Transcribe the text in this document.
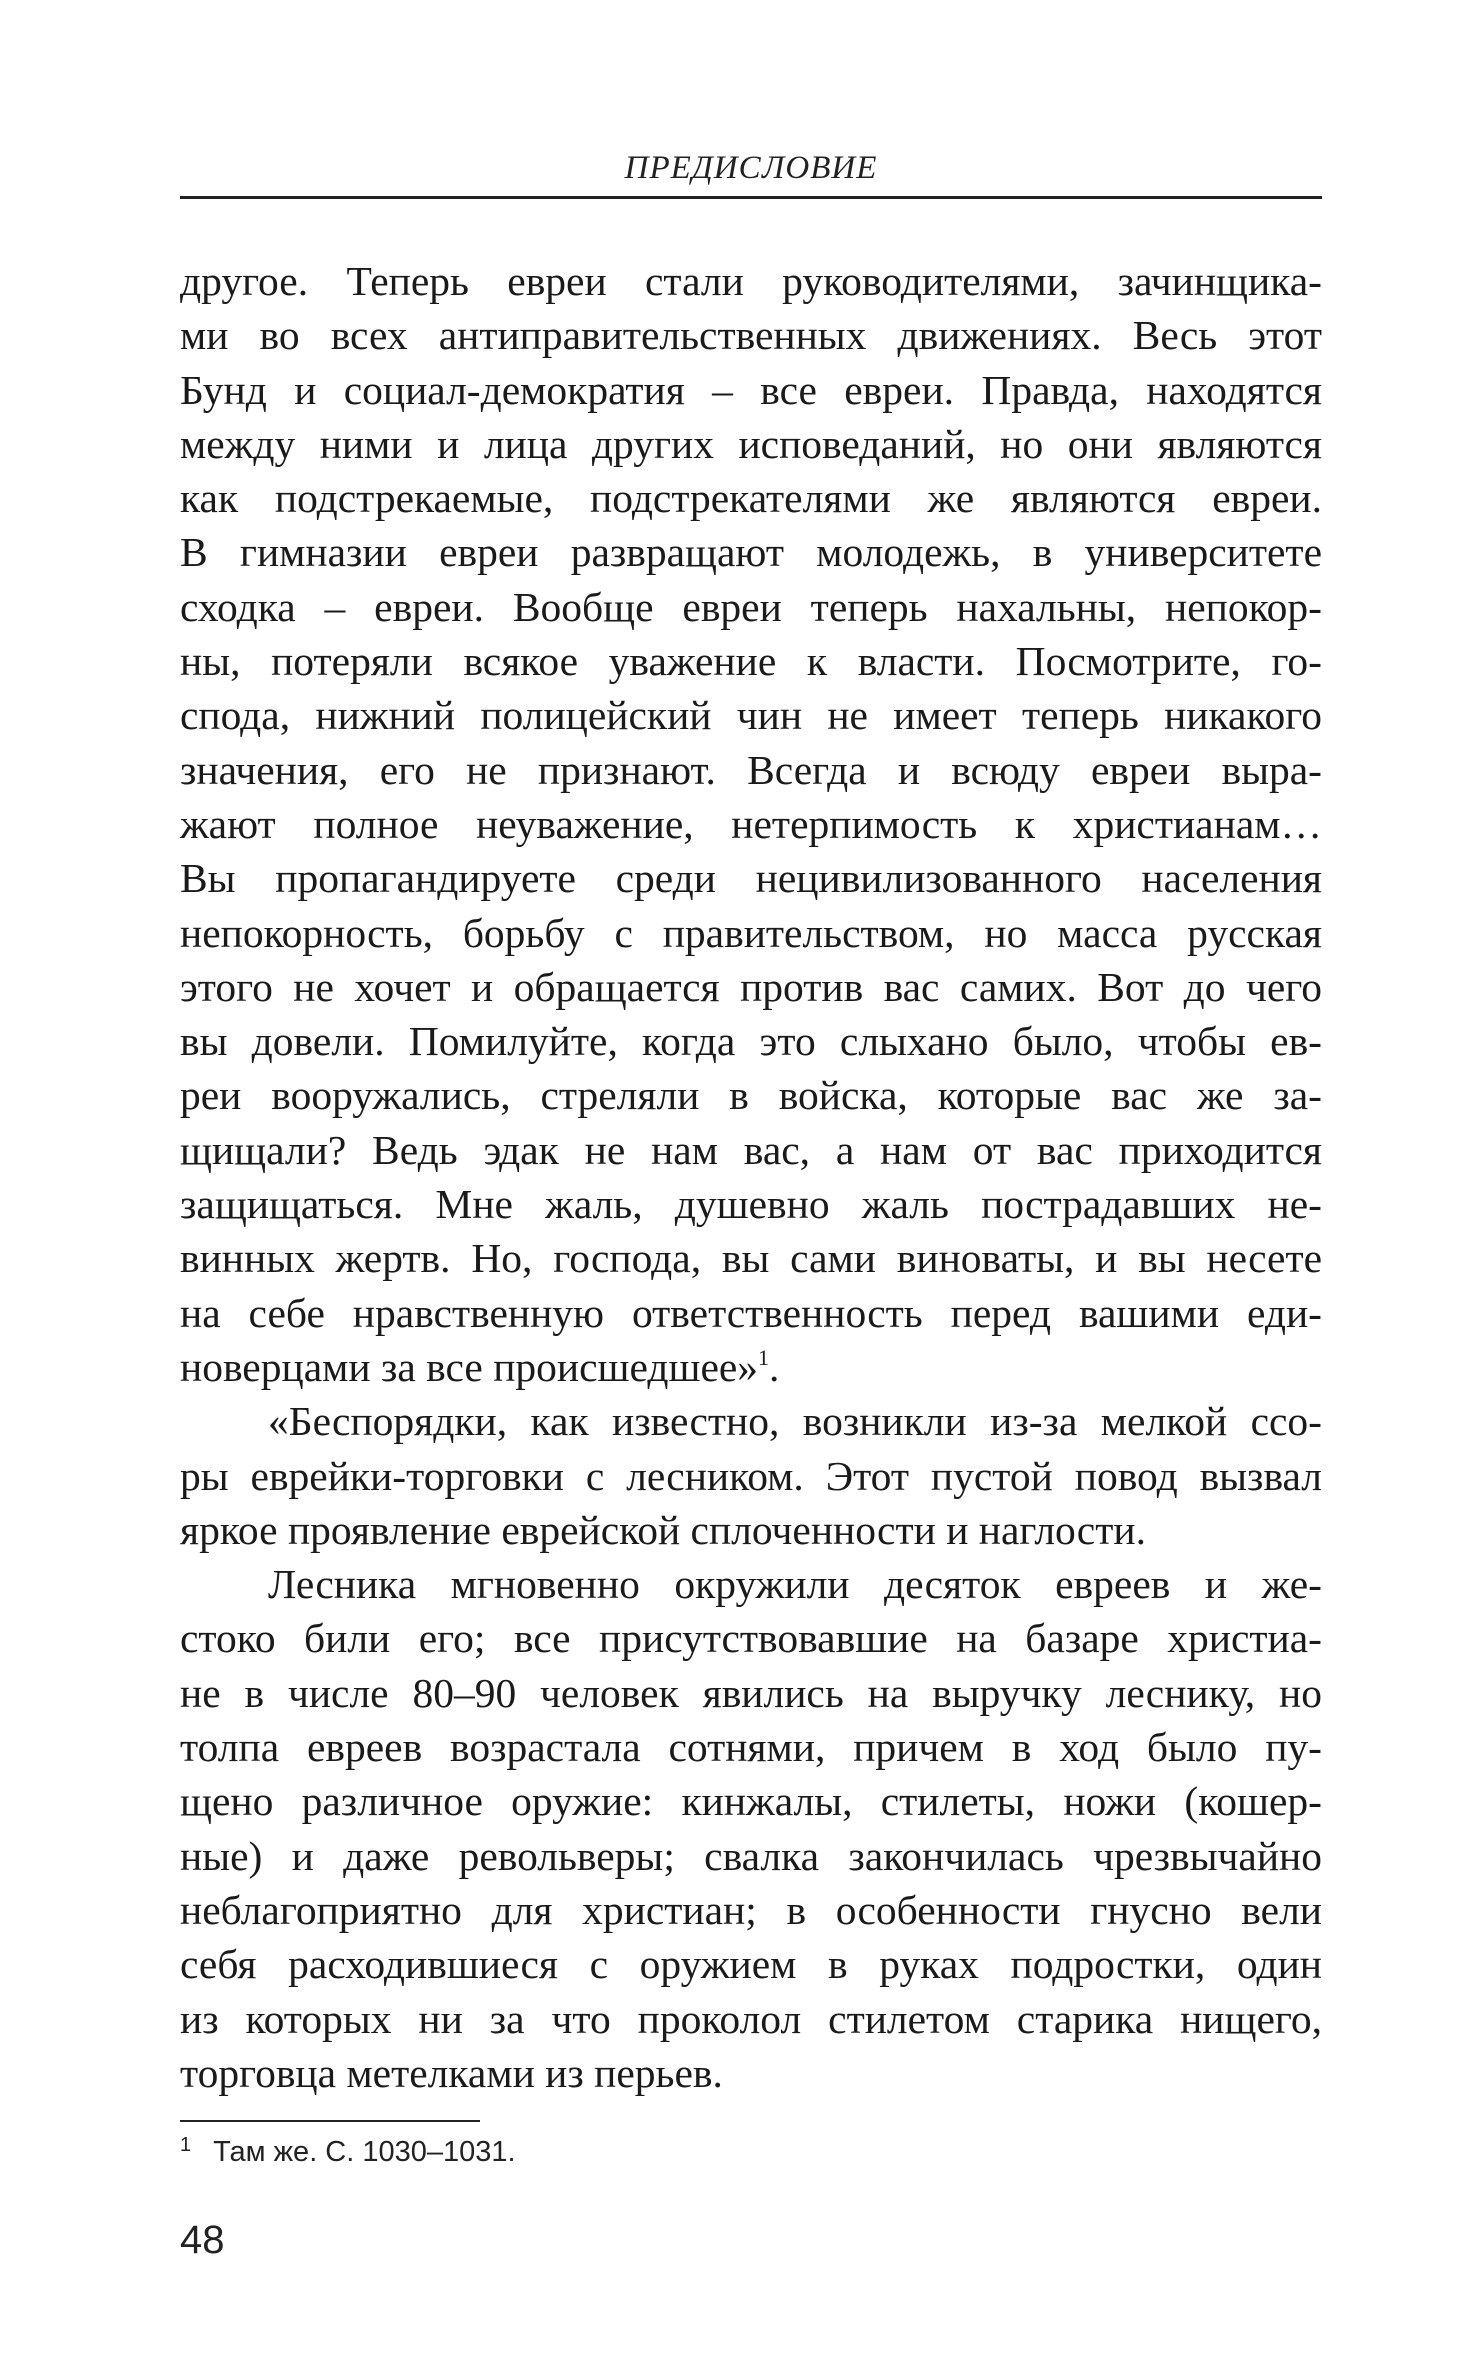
ПРЕДИСЛОВИЕ
другое. Теперь евреи стали руководителями, зачинщика-
ми во всех антиправительственных движениях. Весь этот
Бунд и социал-демократия – все евреи. Правда, находятся
между ними и лица других исповеданий, но они являются
как подстрекаемые, подстрекателями же являются евреи.
В гимназии евреи развращают молодежь, в университете
сходка – евреи. Вообще евреи теперь нахальны, непокор-
ны, потеряли всякое уважение к власти. Посмотрите, го-
спода, нижний полицейский чин не имеет теперь никакого
значения, его не признают. Всегда и всюду евреи выра-
жают полное неуважение, нетерпимость к христианам…
Вы пропагандируете среди нецивилизованного населения
непокорность, борьбу с правительством, но масса русская
этого не хочет и обращается против вас самих. Вот до чего
вы довели. Помилуйте, когда это слыхано было, чтобы ев-
реи вооружались, стреляли в войска, которые вас же за-
щищали? Ведь эдак не нам вас, а нам от вас приходится
защищаться. Мне жаль, душевно жаль пострадавших не-
винных жертв. Но, господа, вы сами виноваты, и вы несете
на себе нравственную ответственность перед вашими еди-
новерцами за все происшедшее»$^1$.
«Беспорядки, как известно, возникли из-за мелкой ссо-
ры еврейки-торговки с лесником. Этот пустой повод вызвал
яркое проявление еврейской сплоченности и наглости.
Лесника мгновенно окружили десяток евреев и же-
стоко били его; все присутствовавшие на базаре христиа-
не в числе 80–90 человек явились на выручку леснику, но
толпа евреев возрастала сотнями, причем в ход было пу-
щено различное оружие: кинжалы, стилеты, ножи (кошер-
ные) и даже револьверы; свалка закончилась чрезвычайно
неблагоприятно для христиан; в особенности гнусно вели
себя расходившиеся с оружием в руках подростки, один
из которых ни за что проколол стилетом старика нищего,
торговца метелками из перьев.
$^1$ Там же. С. 1030–1031.
48
